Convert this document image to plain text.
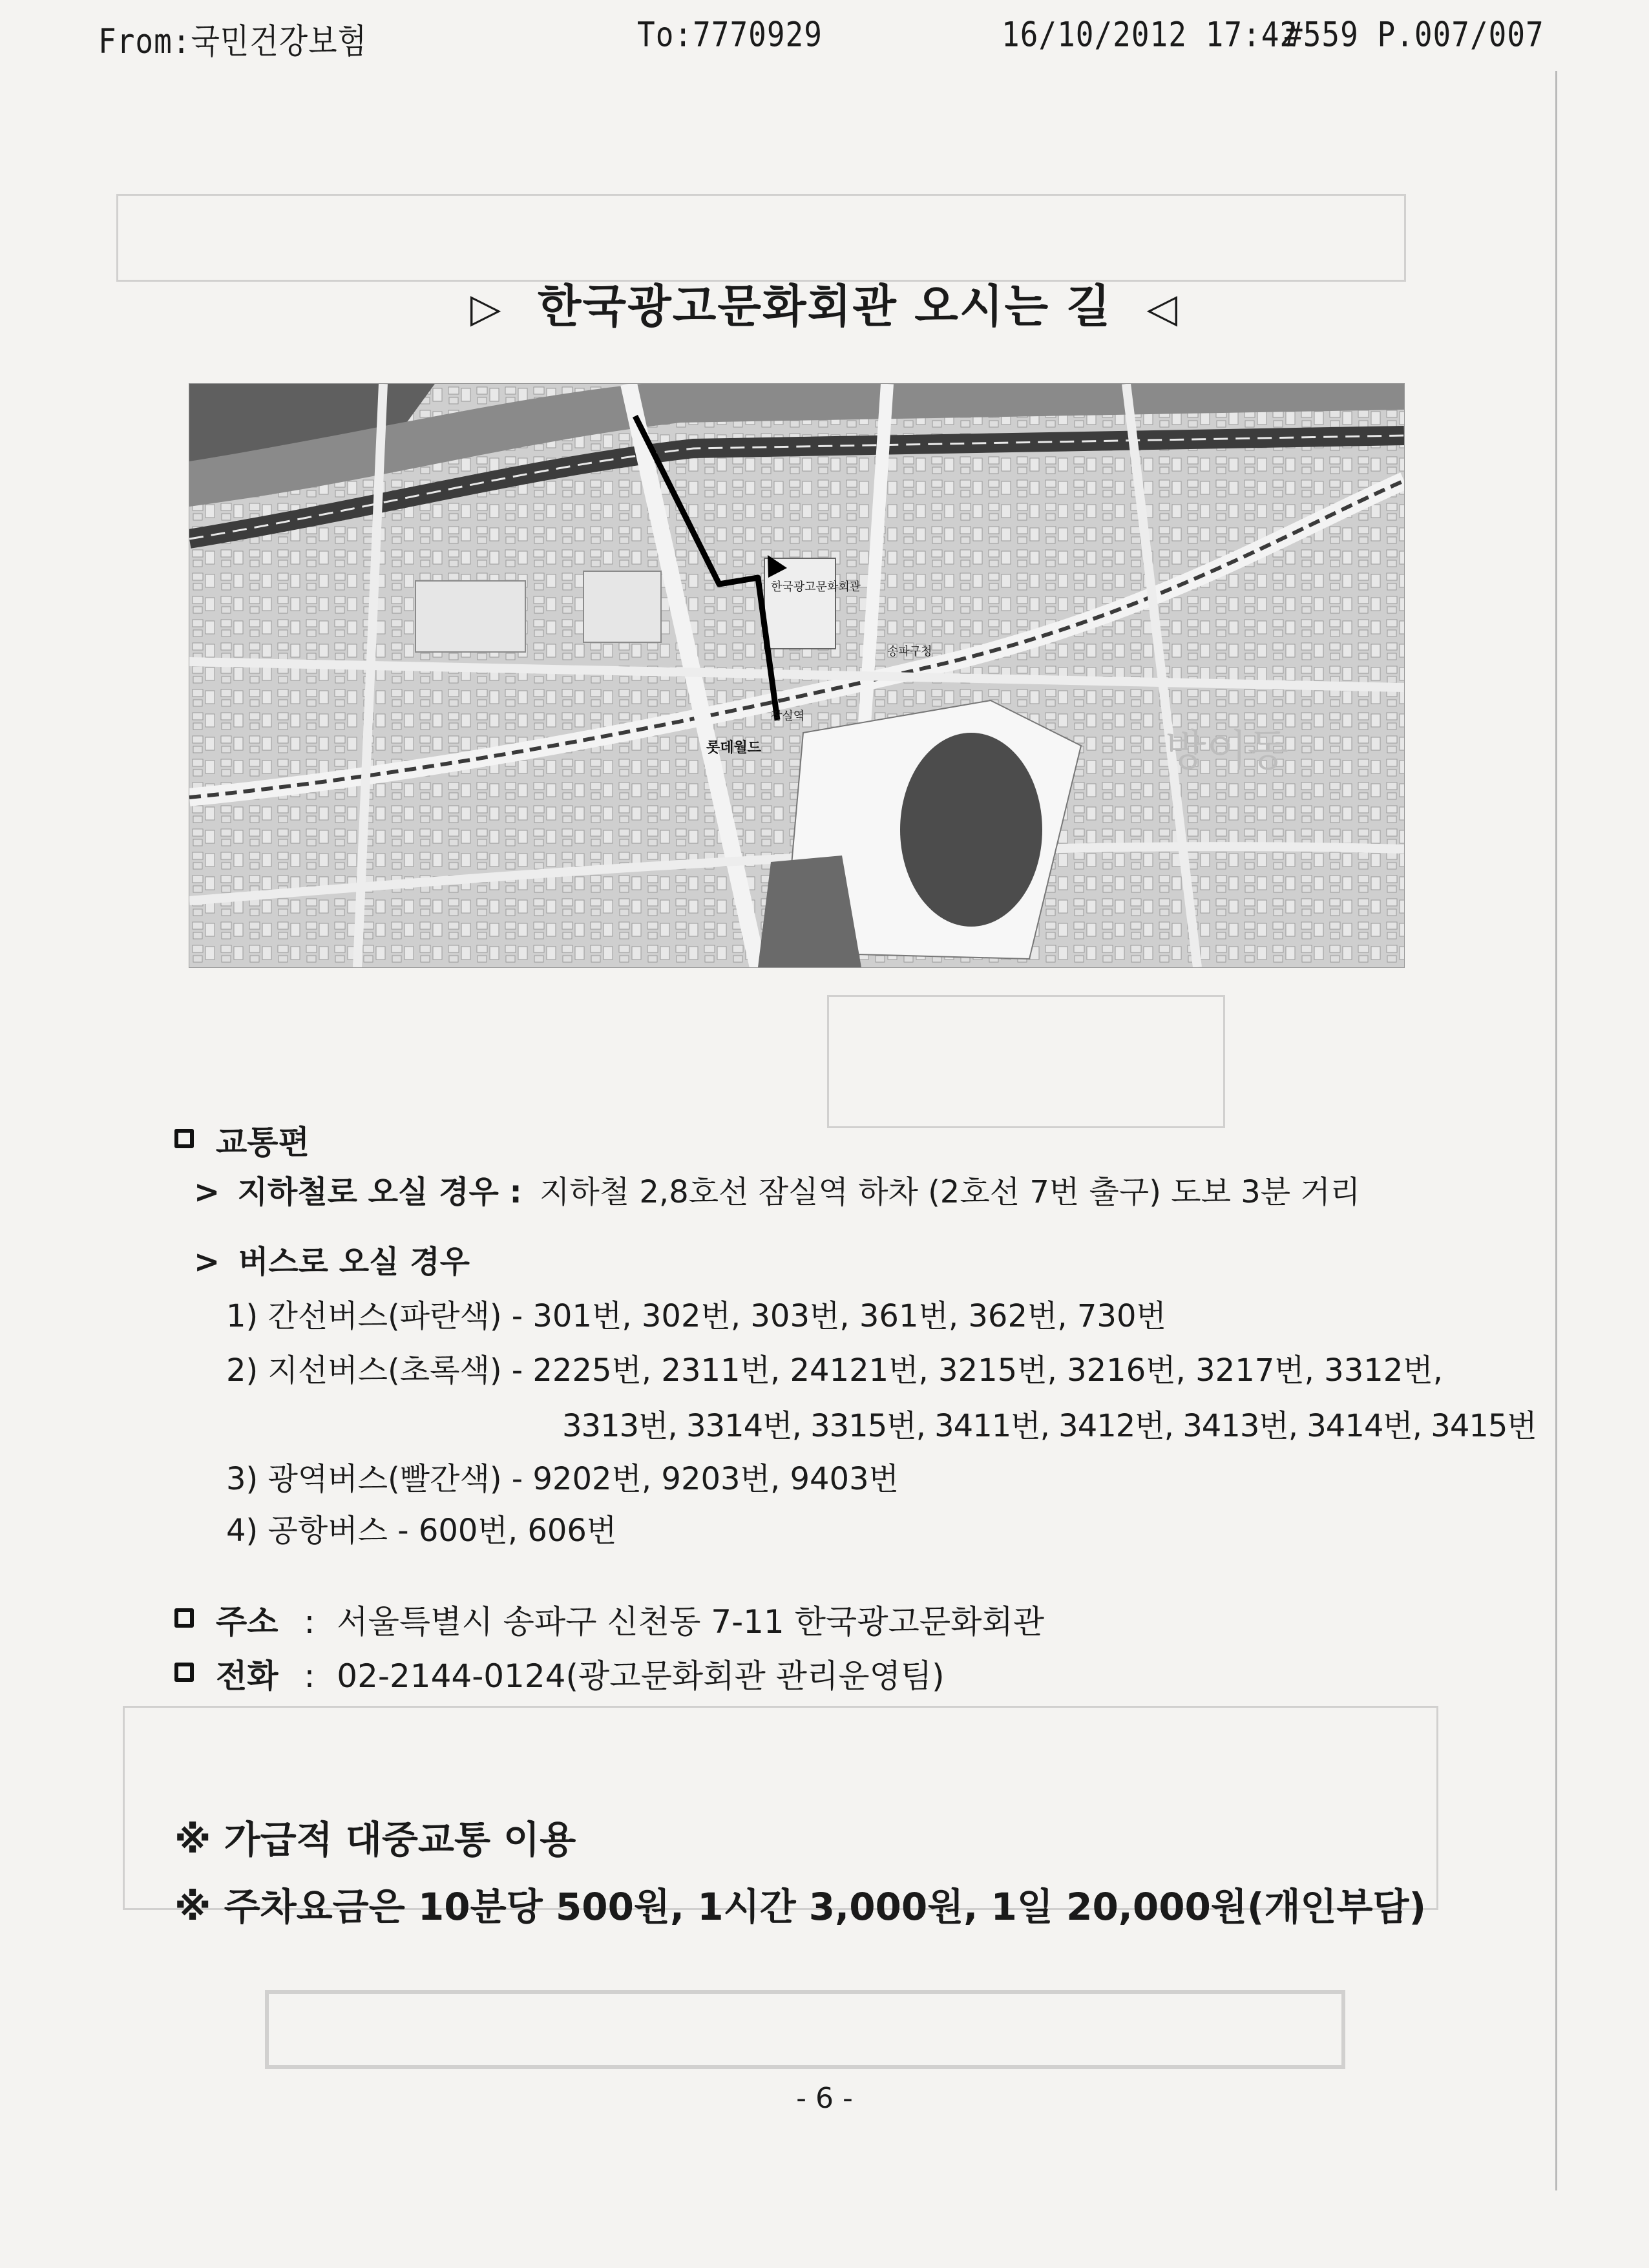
From:국민건강보험	To:7770929	16/10/2012 17:42
#559 P.007/007
▷ 한국광고문화회관 오시는 길 ◁
롯데월드
한국광고문화회관
송파구청
잠실역
방이동
교통편
> 지하철로 오실 경우 : 지하철 2,8호선 잠실역 하차 (2호선 7번 출구) 도보 3분 거리
> 버스로 오실 경우
1) 간선버스(파란색) - 301번, 302번, 303번, 361번, 362번, 730번
2) 지선버스(초록색) - 2225번, 2311번, 24121번, 3215번, 3216번, 3217번, 3312번,
3313번, 3314번, 3315번, 3411번, 3412번, 3413번, 3414번, 3415번
3) 광역버스(빨간색) - 9202번, 9203번, 9403번
4) 공항버스 - 600번, 606번
주소 : 서울특별시 송파구 신천동 7-11 한국광고문화회관
전화 : 02-2144-0124(광고문화회관 관리운영팀)
※ 가급적 대중교통 이용
※ 주차요금은 10분당 500원, 1시간 3,000원, 1일 20,000원(개인부담)
- 6 -
